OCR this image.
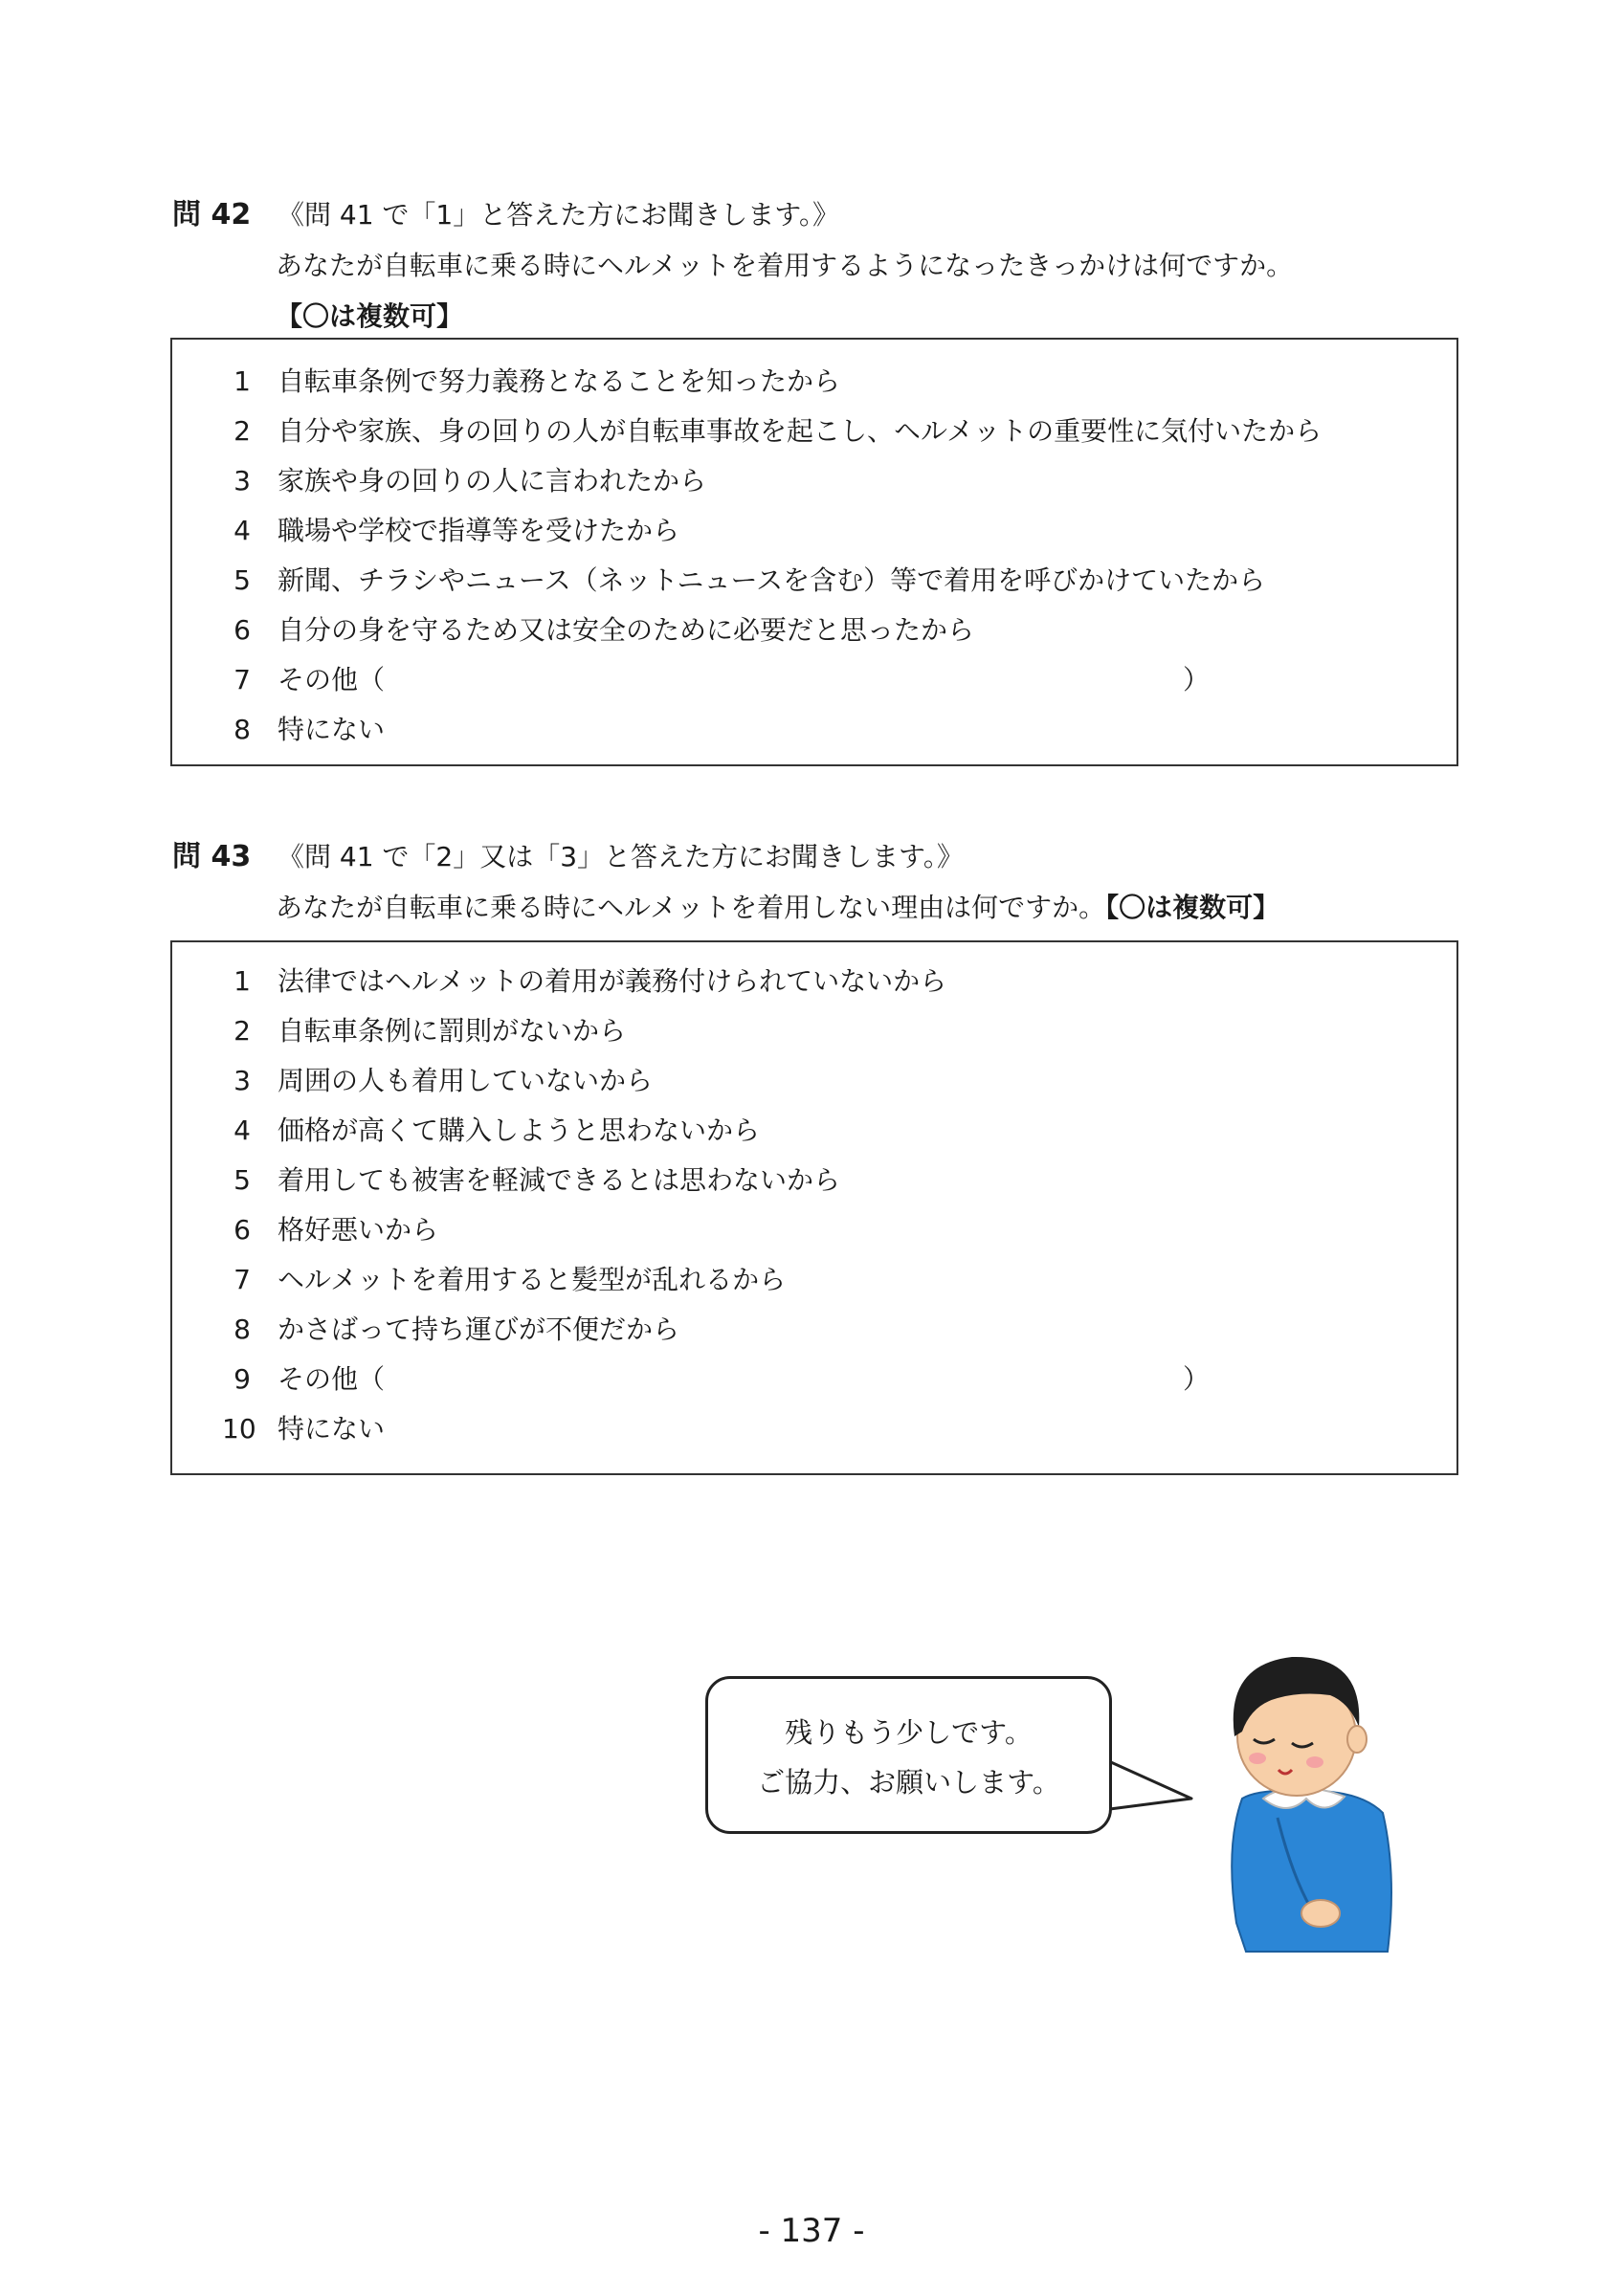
問 42 《問 41 で「1」と答えた方にお聞きします。》
あなたが自転車に乗る時にヘルメットを着用するようになったきっかけは何ですか。
【〇は複数可】
1 自転車条例で努力義務となることを知ったから
2 自分や家族、身の回りの人が自転車事故を起こし、ヘルメットの重要性に気付いたから
3 家族や身の回りの人に言われたから
4 職場や学校で指導等を受けたから
5 新聞、チラシやニュース（ネットニュースを含む）等で着用を呼びかけていたから
6 自分の身を守るため又は安全のために必要だと思ったから
7 その他（	）
8 特にない
問 43 《問 41 で「2」又は「3」と答えた方にお聞きします。》
あなたが自転車に乗る時にヘルメットを着用しない理由は何ですか。【〇は複数可】
1 法律ではヘルメットの着用が義務付けられていないから
2 自転車条例に罰則がないから
3 周囲の人も着用していないから
4 価格が高くて購入しようと思わないから
5 着用しても被害を軽減できるとは思わないから
6 格好悪いから
7 ヘルメットを着用すると髪型が乱れるから
8 かさばって持ち運びが不便だから
9 その他（	）
10 特にない
残りもう少しです。
ご協力、お願いします。
- 137 -
